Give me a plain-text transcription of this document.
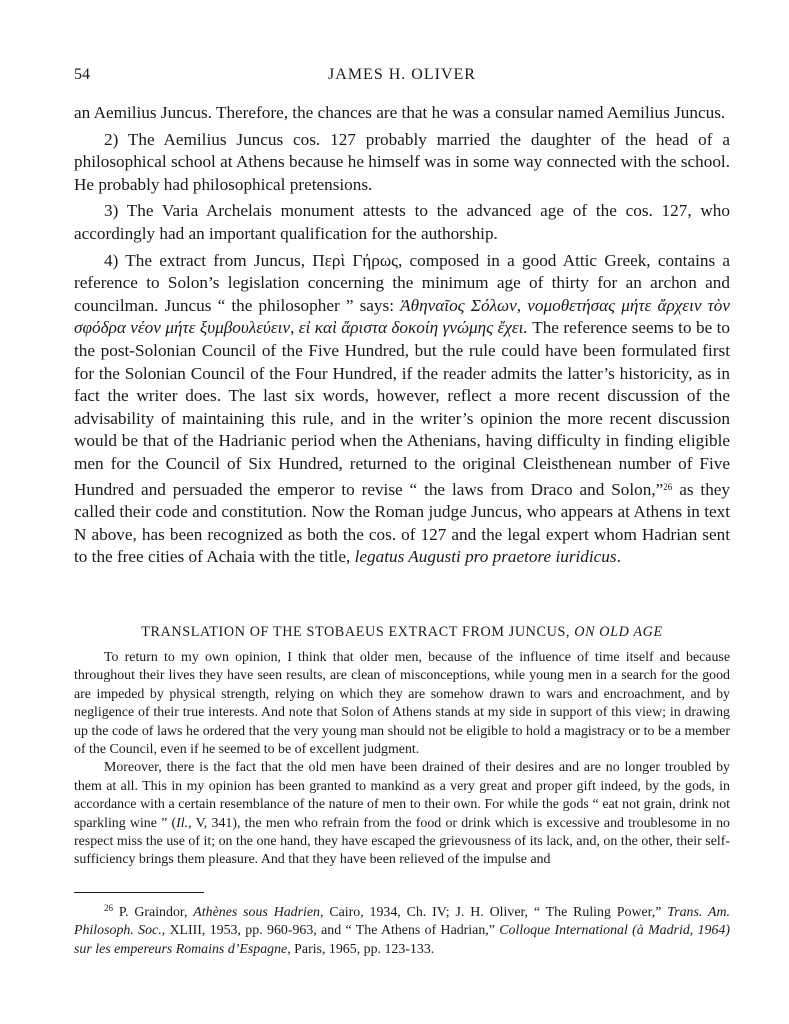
54	JAMES H. OLIVER

an Aemilius Juncus. Therefore, the chances are that he was a consular named Aemilius Juncus.

2) The Aemilius Juncus cos. 127 probably married the daughter of the head of a philosophical school at Athens because he himself was in some way connected with the school. He probably had philosophical pretensions.

3) The Varia Archelais monument attests to the advanced age of the cos. 127, who accordingly had an important qualification for the authorship.

4) The extract from Juncus, Περὶ Γήρως, composed in a good Attic Greek, contains a reference to Solon’s legislation concerning the minimum age of thirty for an archon and councilman. Juncus “ the philosopher ” says: Ἀθηναῖος Σόλων, νομοθετήσας μήτε ἄρχειν τὸν σφόδρα νέον μήτε ξυμβουλεύειν, εἰ καὶ ἄριστα δοκοίη γνώμης ἔχει. The reference seems to be to the post-Solonian Council of the Five Hundred, but the rule could have been formulated first for the Solonian Council of the Four Hundred, if the reader admits the latter’s historicity, as in fact the writer does. The last six words, however, reflect a more recent discussion of the advisability of maintaining this rule, and in the writer’s opinion the more recent discussion would be that of the Hadrianic period when the Athenians, having difficulty in finding eligible men for the Council of Six Hundred, returned to the original Cleisthenean number of Five Hundred and persuaded the emperor to revise “ the laws from Draco and Solon,”$^{26}$ as they called their code and constitution. Now the Roman judge Juncus, who appears at Athens in text N above, has been recognized as both the cos. of 127 and the legal expert whom Hadrian sent to the free cities of Achaia with the title, legatus Augusti pro praetore iuridicus.

TRANSLATION OF THE STOBAEUS EXTRACT FROM JUNCUS, ON OLD AGE

To return to my own opinion, I think that older men, because of the influence of time itself and because throughout their lives they have seen results, are clean of misconceptions, while young men in a search for the good are impeded by physical strength, relying on which they are somehow drawn to wars and encroachment, and by negligence of their true interests. And note that Solon of Athens stands at my side in support of this view; in drawing up the code of laws he ordered that the very young man should not be eligible to hold a magistracy or to be a member of the Council, even if he seemed to be of excellent judgment.

Moreover, there is the fact that the old men have been drained of their desires and are no longer troubled by them at all. This in my opinion has been granted to mankind as a very great and proper gift indeed, by the gods, in accordance with a certain resemblance of the nature of men to their own. For while the gods “ eat not grain, drink not sparkling wine ” (Il., V, 341), the men who refrain from the food or drink which is excessive and troublesome in no respect miss the use of it; on the one hand, they have escaped the grievousness of its lack, and, on the other, their self-sufficiency brings them pleasure. And that they have been relieved of the impulse and

$^{26}$ P. Graindor, Athènes sous Hadrien, Cairo, 1934, Ch. IV; J. H. Oliver, “ The Ruling Power,” Trans. Am. Philosoph. Soc., XLIII, 1953, pp. 960-963, and “ The Athens of Hadrian,” Colloque International (à Madrid, 1964) sur les empereurs Romains d’Espagne, Paris, 1965, pp. 123-133.
